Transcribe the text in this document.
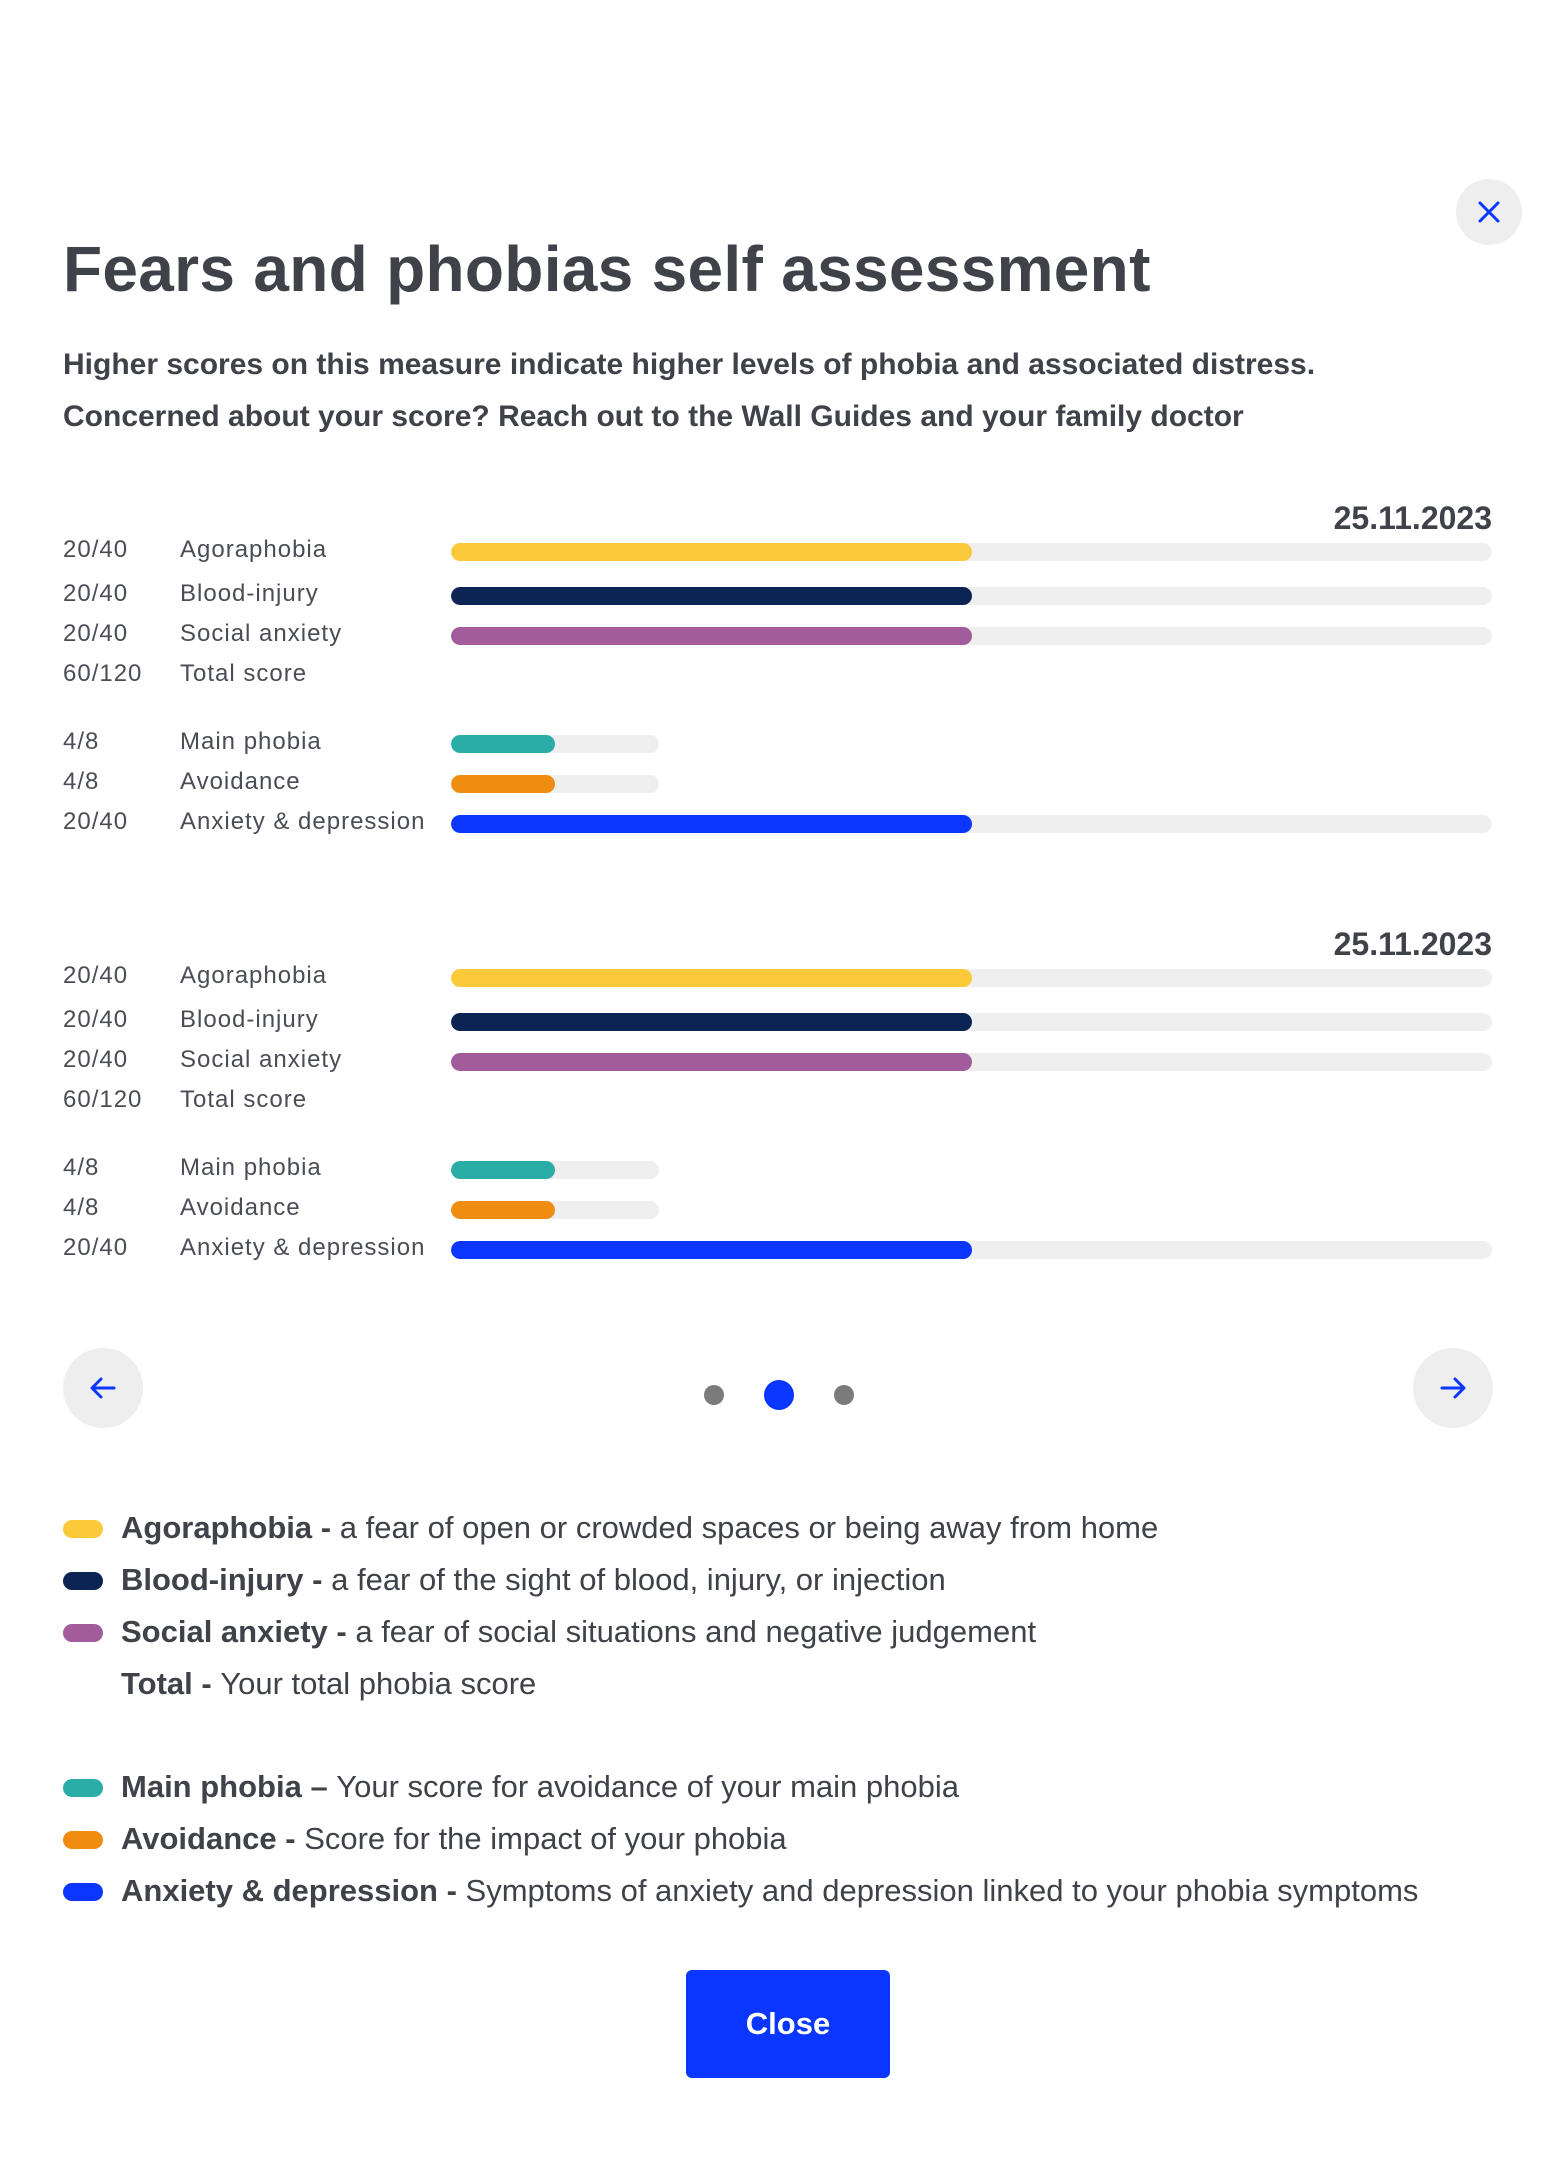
Fears and phobias self assessment
Higher scores on this measure indicate higher levels of phobia and associated distress.
Concerned about your score? Reach out to the Wall Guides and your family doctor
25.11.2023
20/40 Agoraphobia
20/40 Blood-injury
20/40 Social anxiety
60/120 Total score
4/8	Main phobia
4/8	Avoidance
20/40 Anxiety & depression
25.11.2023
20/40 Agoraphobia
20/40 Blood-injury
20/40 Social anxiety
60/120 Total score
4/8	Main phobia
4/8	Avoidance
20/40 Anxiety & depression
Agoraphobia - a fear of open or crowded spaces or being away from home
Blood-injury - a fear of the sight of blood, injury, or injection
Social anxiety - a fear of social situations and negative judgement
Total - Your total phobia score
Main phobia – Your score for avoidance of your main phobia
Avoidance - Score for the impact of your phobia
Anxiety & depression - Symptoms of anxiety and depression linked to your phobia symptoms
Close
